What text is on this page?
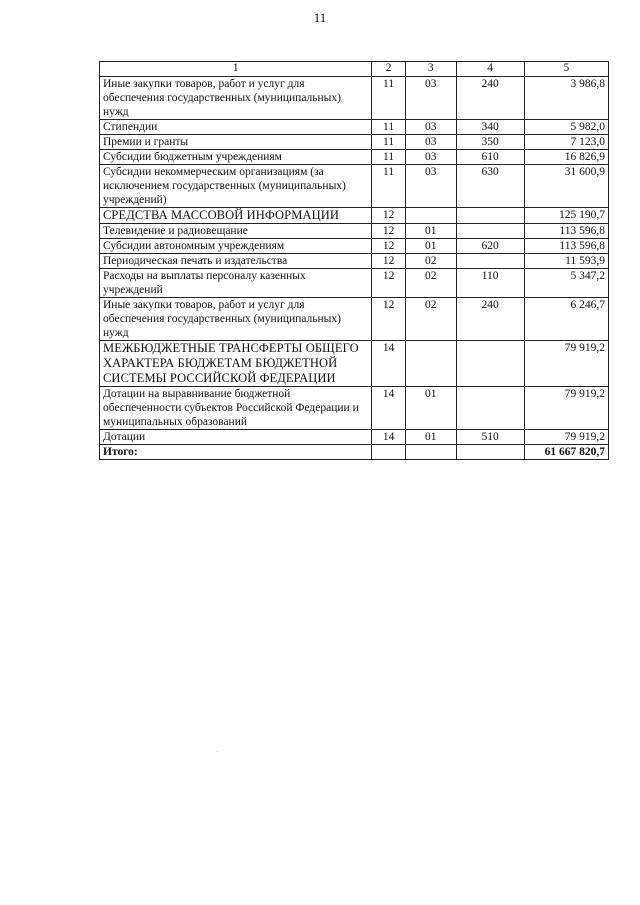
11
1	2	3	4	5
Иные закупки товаров, работ и услуг для обеспечения государственных (муниципальных) нужд	11	03	240	3 986,8
Стипендии	11	03	340	5 982,0
Премии и гранты	11	03	350	7 123,0
Субсидии бюджетным учреждениям	11	03	610	16 826,9
Субсидии некоммерческим организациям (за исключением государственных (муниципальных) учреждений)	11	03	630	31 600,9
СРЕДСТВА МАССОВОЙ ИНФОРМАЦИИ	12			125 190,7
Телевидение и радиовещание	12	01		113 596,8
Субсидии автономным учреждениям	12	01	620	113 596,8
Периодическая печать и издательства	12	02		11 593,9
Расходы на выплаты персоналу казенных учреждений	12	02	110	5 347,2
Иные закупки товаров, работ и услуг для обеспечения государственных (муниципальных) нужд	12	02	240	6 246,7
МЕЖБЮДЖЕТНЫЕ ТРАНСФЕРТЫ ОБЩЕГО ХАРАКТЕРА БЮДЖЕТАМ БЮДЖЕТНОЙ СИСТЕМЫ РОССИЙСКОЙ ФЕДЕРАЦИИ	14			79 919,2
Дотации на выравнивание бюджетной обеспеченности субъектов Российской Федерации и муниципальных образований	14	01		79 919,2
Дотации	14	01	510	79 919,2
Итого:				61 667 820,7
